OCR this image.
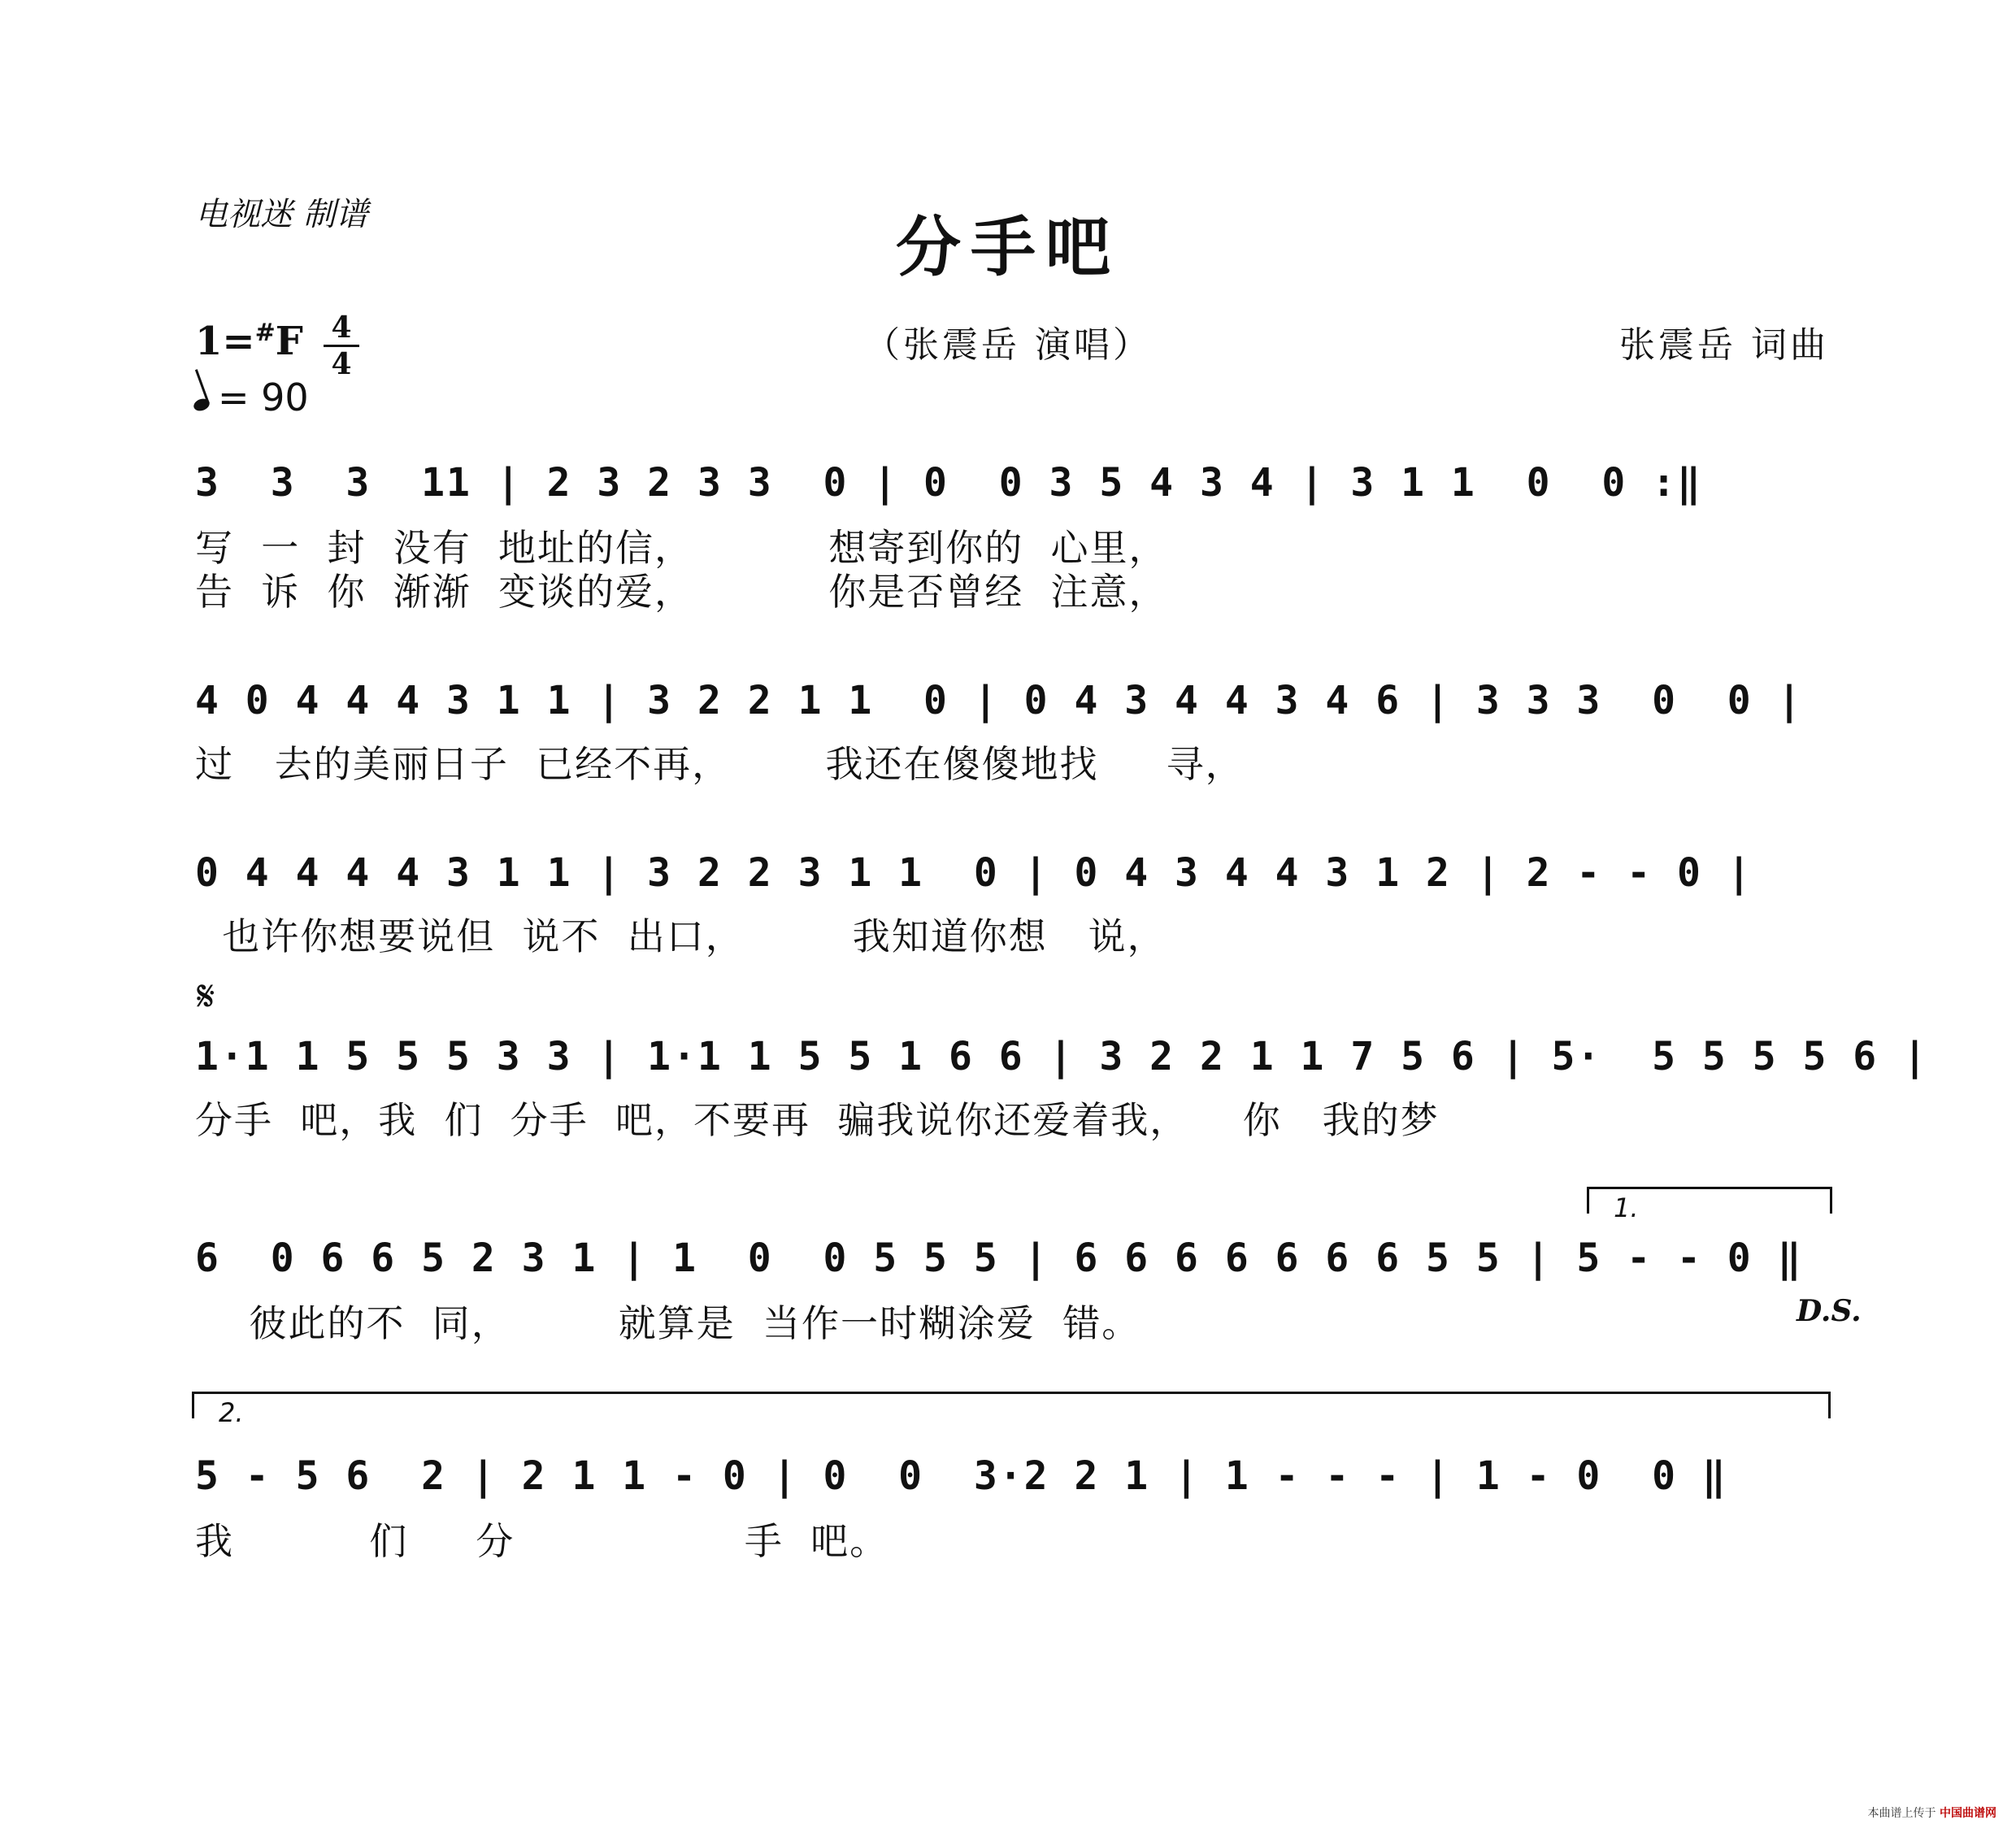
电视迷 制谱	分手吧
（张震岳 演唱）	张震岳 词曲
1=#F 4
4
= 90
3  3  3  11 | 2 3 2 3 3  0 | 0  0 3 5 4 3 4 | 3 1 1  0  0 :‖
写  一  封  没有  地址的信，          想寄到你的  心里，
告  诉  你  渐渐  变谈的爱，          你是否曾经  注意，
4 0 4 4 4 3 1 1 | 3 2 2 1 1  0 | 0 4 3 4 4 3 4 6 | 3 3 3  0  0 |
过   去的美丽日子  已经不再，       我还在傻傻地找     寻，
0 4 4 4 4 3 1 1 | 3 2 2 3 1 1  0 | 0 4 3 4 4 3 1 2 | 2 - - 0 |
也许你想要说但  说不  出口，        我知道你想   说，
𝄋
1·1 1 5 5 5 3 3 | 1·1 1 5 5 1 6 6 | 3 2 2 1 1 7 5 6 | 5·  5 5 5 5 6 |
分手  吧，我  们  分手  吧，不要再  骗我说你还爱着我，    你   我的梦
1.
6  0 6 6 5 2 3 1 | 1  0  0 5 5 5 | 6 6 6 6 6 6 6 5 5 | 5 - - 0 ‖
彼此的不  同，        就算是  当作一时糊涂爱  错。	D.S.
2.
5 - 5 6  2 | 2 1 1 - 0 | 0  0  3·2 2 1 | 1 - - - | 1 - 0  0 ‖
我          们     分                 手  吧。
本曲谱上传于 中国曲谱网
